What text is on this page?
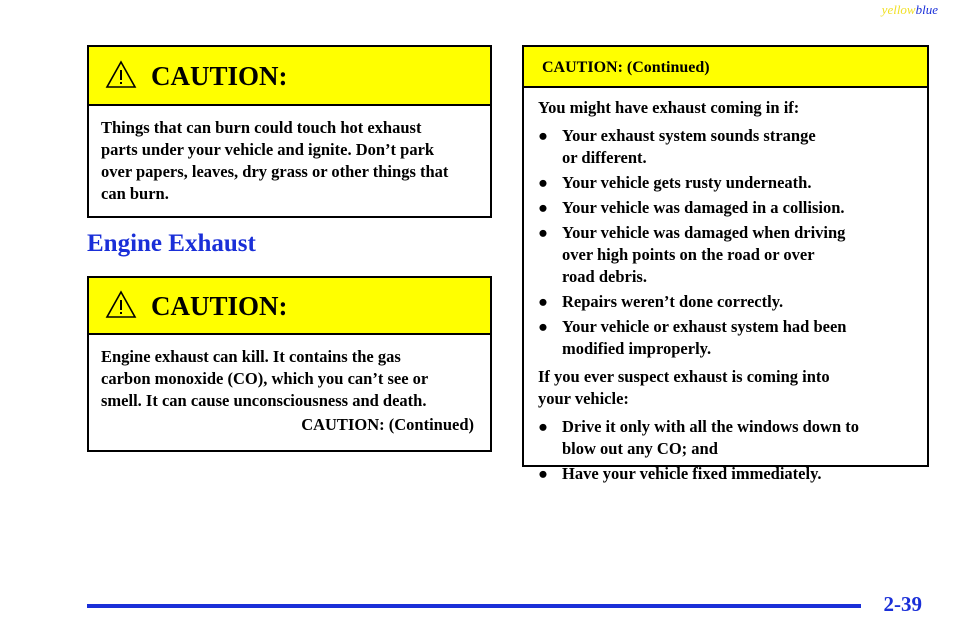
yellowblue
CAUTION:
Things that can burn could touch hot exhaust
parts under your vehicle and ignite. Don’t park
over papers, leaves, dry grass or other things that
can burn.
Engine Exhaust
CAUTION:
Engine exhaust can kill. It contains the gas
carbon monoxide (CO), which you can’t see or
smell. It can cause unconsciousness and death.
CAUTION: (Continued)
CAUTION: (Continued)
You might have exhaust coming in if:
● Your exhaust system sounds strange
or different.
● Your vehicle gets rusty underneath.
● Your vehicle was damaged in a collision.
● Your vehicle was damaged when driving
over high points on the road or over
road debris.
● Repairs weren’t done correctly.
● Your vehicle or exhaust system had been
modified improperly.
If you ever suspect exhaust is coming into
your vehicle:
● Drive it only with all the windows down to
blow out any CO; and
● Have your vehicle fixed immediately.
2-39
